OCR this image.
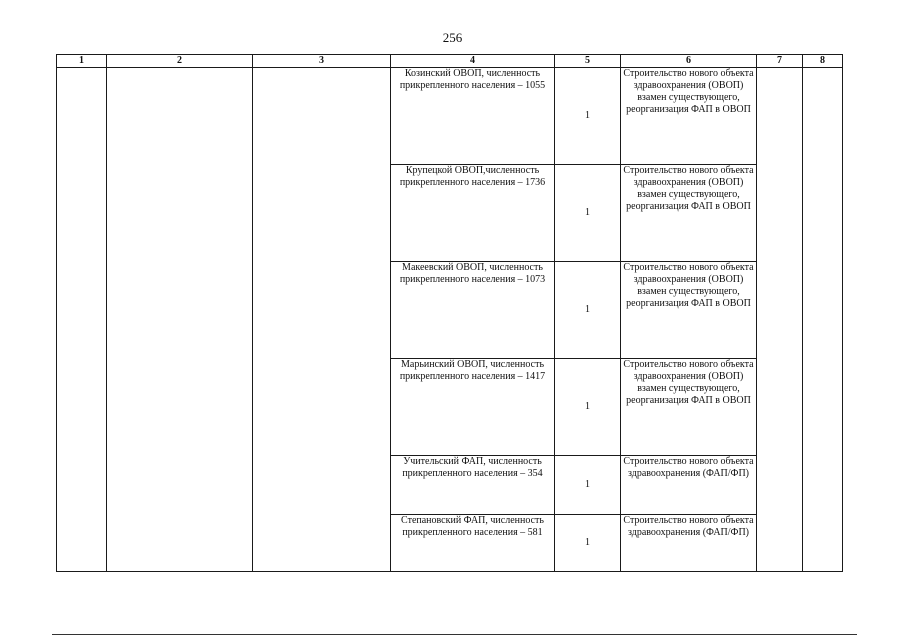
256
1	2	3	4	5	6	7	8
			Козинский ОВОП, численность прикрепленного населения – 1055	1	Строительство нового объекта здравоохранения (ОВОП) взамен существующего, реорганизация ФАП в ОВОП		
			Крупецкой ОВОП,численность прикрепленного населения – 1736	1	Строительство нового объекта здравоохранения (ОВОП) взамен существующего, реорганизация ФАП в ОВОП		
			Макеевский ОВОП, численность прикрепленного населения – 1073	1	Строительство нового объекта здравоохранения (ОВОП) взамен существующего, реорганизация ФАП в ОВОП		
			Марьинский ОВОП, численность прикрепленного населения – 1417	1	Строительство нового объекта здравоохранения (ОВОП) взамен существующего, реорганизация ФАП в ОВОП		
			Учительский ФАП, численность прикрепленного населения – 354	1	Строительство нового объекта здравоохранения (ФАП/ФП)		
			Степановский ФАП, численность прикрепленного населения – 581	1	Строительство нового объекта здравоохранения (ФАП/ФП)		
